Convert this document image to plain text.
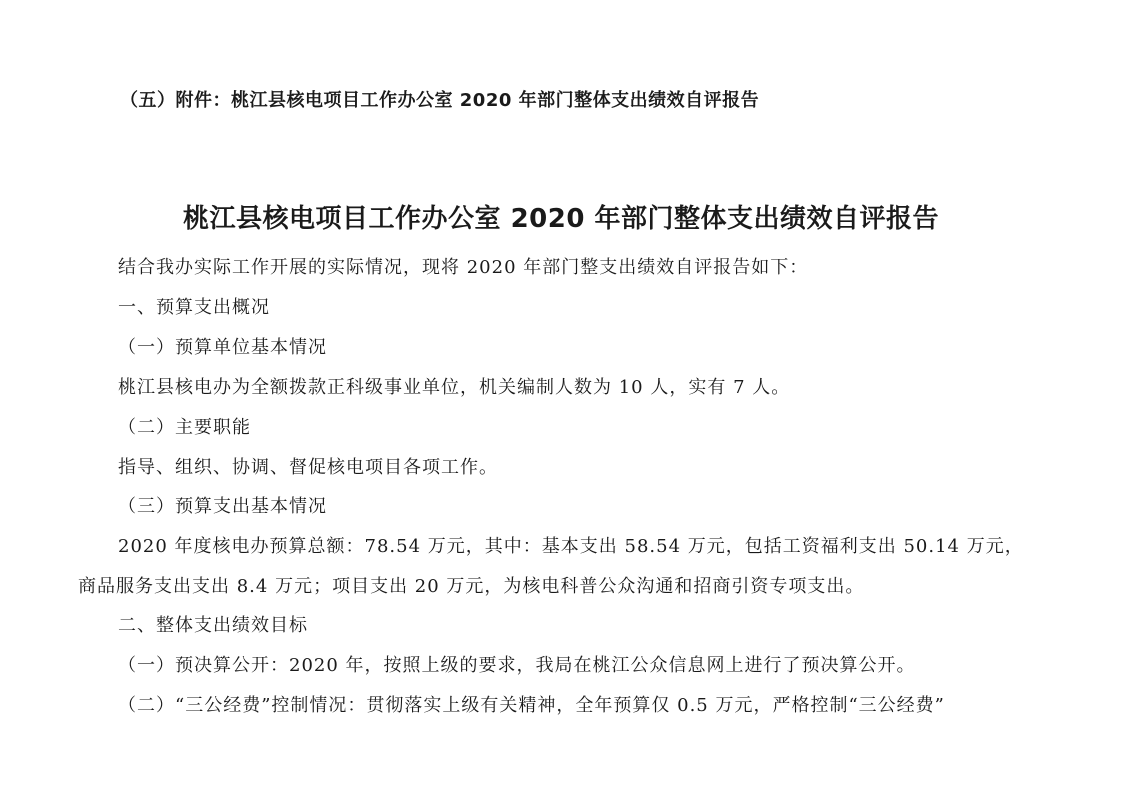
（五）附件：桃江县核电项目工作办公室 2020 年部门整体支出绩效自评报告
桃江县核电项目工作办公室 2020 年部门整体支出绩效自评报告
结合我办实际工作开展的实际情况，现将 2020 年部门整支出绩效自评报告如下：
一、预算支出概况
（一）预算单位基本情况
桃江县核电办为全额拨款正科级事业单位，机关编制人数为 10 人，实有 7 人。
（二）主要职能
指导、组织、协调、督促核电项目各项工作。
（三）预算支出基本情况
2020 年度核电办预算总额：78.54 万元，其中：基本支出 58.54 万元，包括工资福利支出 50.14 万元，
商品服务支出支出 8.4 万元；项目支出 20 万元，为核电科普公众沟通和招商引资专项支出。
二、整体支出绩效目标
（一）预决算公开：2020 年，按照上级的要求，我局在桃江公众信息网上进行了预决算公开。
（二）“三公经费”控制情况：贯彻落实上级有关精神，全年预算仅 0.5 万元，严格控制“三公经费”
